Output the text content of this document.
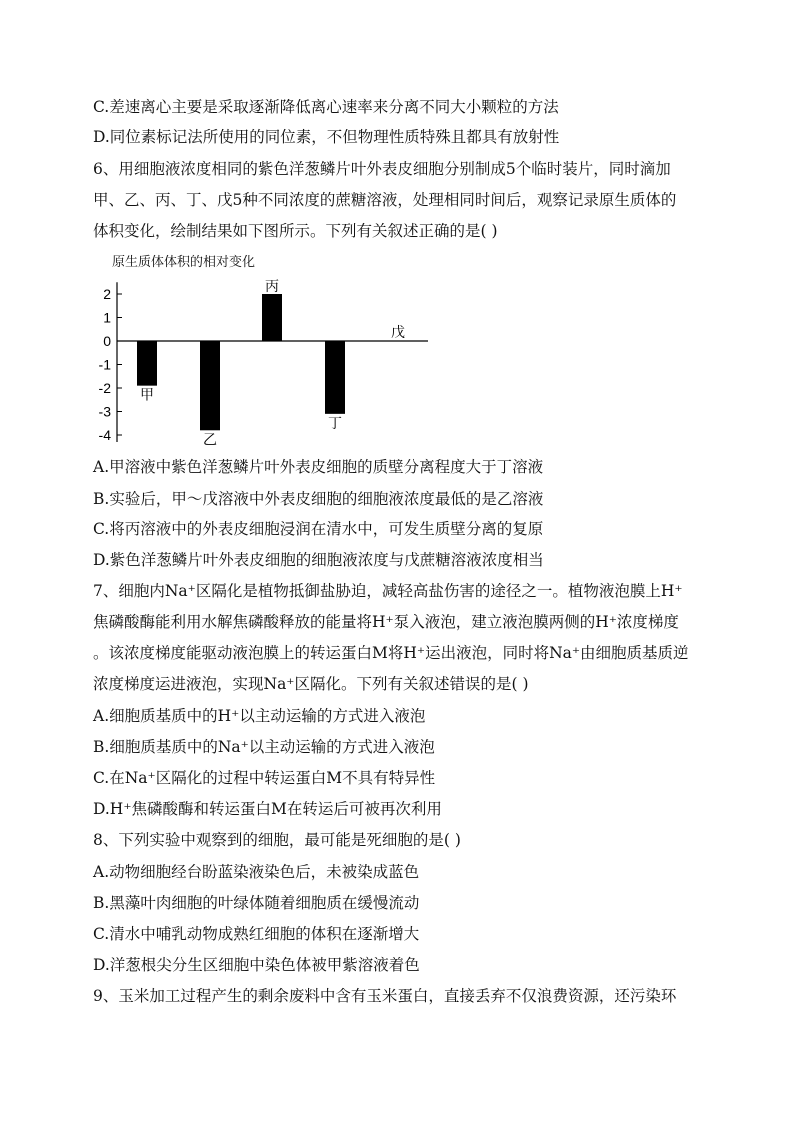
C.差速离心主要是采取逐渐降低离心速率来分离不同大小颗粒的方法
D.同位素标记法所使用的同位素，不但物理性质特殊且都具有放射性
6、用细胞液浓度相同的紫色洋葱鳞片叶外表皮细胞分别制成5个临时装片，同时滴加
甲、乙、丙、丁、戊5种不同浓度的蔗糖溶液，处理相同时间后，观察记录原生质体的
体积变化，绘制结果如下图所示。下列有关叙述正确的是( )
A.甲溶液中紫色洋葱鳞片叶外表皮细胞的质壁分离程度大于丁溶液
B.实验后，甲～戊溶液中外表皮细胞的细胞液浓度最低的是乙溶液
C.将丙溶液中的外表皮细胞浸润在清水中，可发生质壁分离的复原
D.紫色洋葱鳞片叶外表皮细胞的细胞液浓度与戊蔗糖溶液浓度相当
7、细胞内Na⁺区隔化是植物抵御盐胁迫，减轻高盐伤害的途径之一。植物液泡膜上H⁺
焦磷酸酶能利用水解焦磷酸释放的能量将H⁺泵入液泡，建立液泡膜两侧的H⁺浓度梯度
。该浓度梯度能驱动液泡膜上的转运蛋白M将H⁺运出液泡，同时将Na⁺由细胞质基质逆
浓度梯度运进液泡，实现Na⁺区隔化。下列有关叙述错误的是( )
A.细胞质基质中的H⁺以主动运输的方式进入液泡
B.细胞质基质中的Na⁺以主动运输的方式进入液泡
C.在Na⁺区隔化的过程中转运蛋白M不具有特异性
D.H⁺焦磷酸酶和转运蛋白M在转运后可被再次利用
8、下列实验中观察到的细胞，最可能是死细胞的是( )
A.动物细胞经台盼蓝染液染色后，未被染成蓝色
B.黑藻叶肉细胞的叶绿体随着细胞质在缓慢流动
C.清水中哺乳动物成熟红细胞的体积在逐渐增大
D.洋葱根尖分生区细胞中染色体被甲紫溶液着色
9、玉米加工过程产生的剩余废料中含有玉米蛋白，直接丢弃不仅浪费资源，还污染环
原生质体体积的相对变化
2
1
0
-1
-2
-3
-4
甲
乙
丙
丁
戊
